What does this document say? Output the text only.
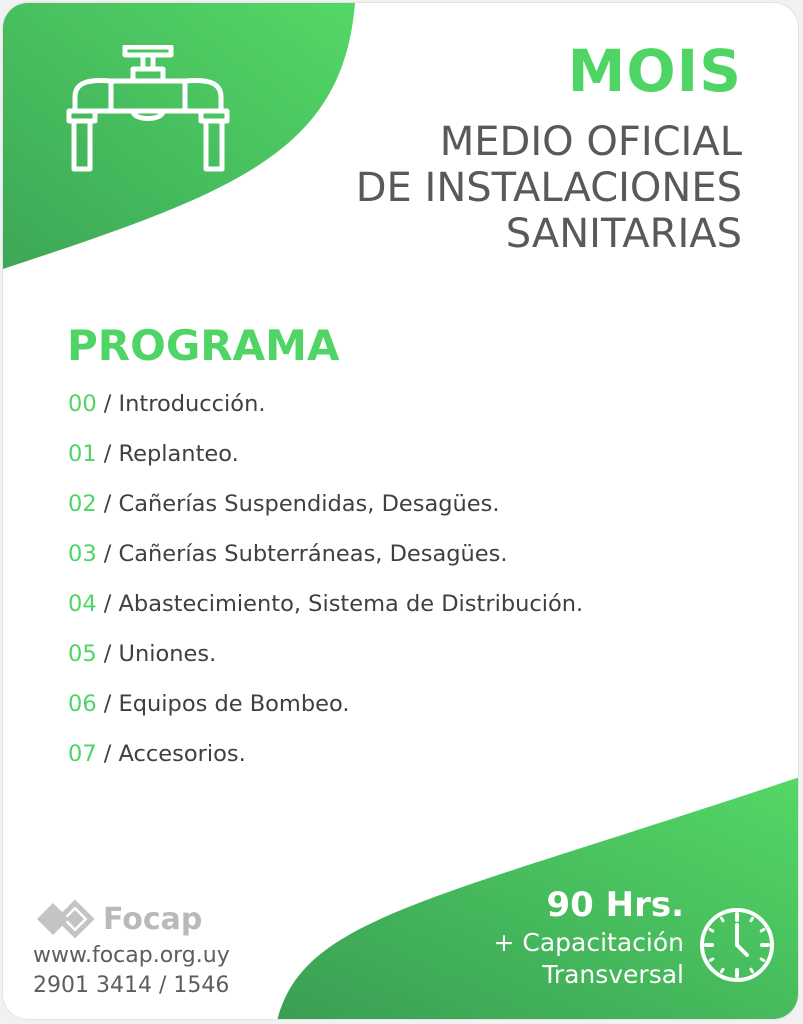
MOIS
MEDIO OFICIAL
DE INSTALACIONES
SANITARIAS
PROGRAMA
00 / Introducción.
01 / Replanteo.
02 / Cañerías Suspendidas, Desagües.
03 / Cañerías Subterráneas, Desagües.
04 / Abastecimiento, Sistema de Distribución.
05 / Uniones.
06 / Equipos de Bombeo.
07 / Accesorios.
Focap
www.focap.org.uy
2901 3414 / 1546
90 Hrs.
+ Capacitación
Transversal
